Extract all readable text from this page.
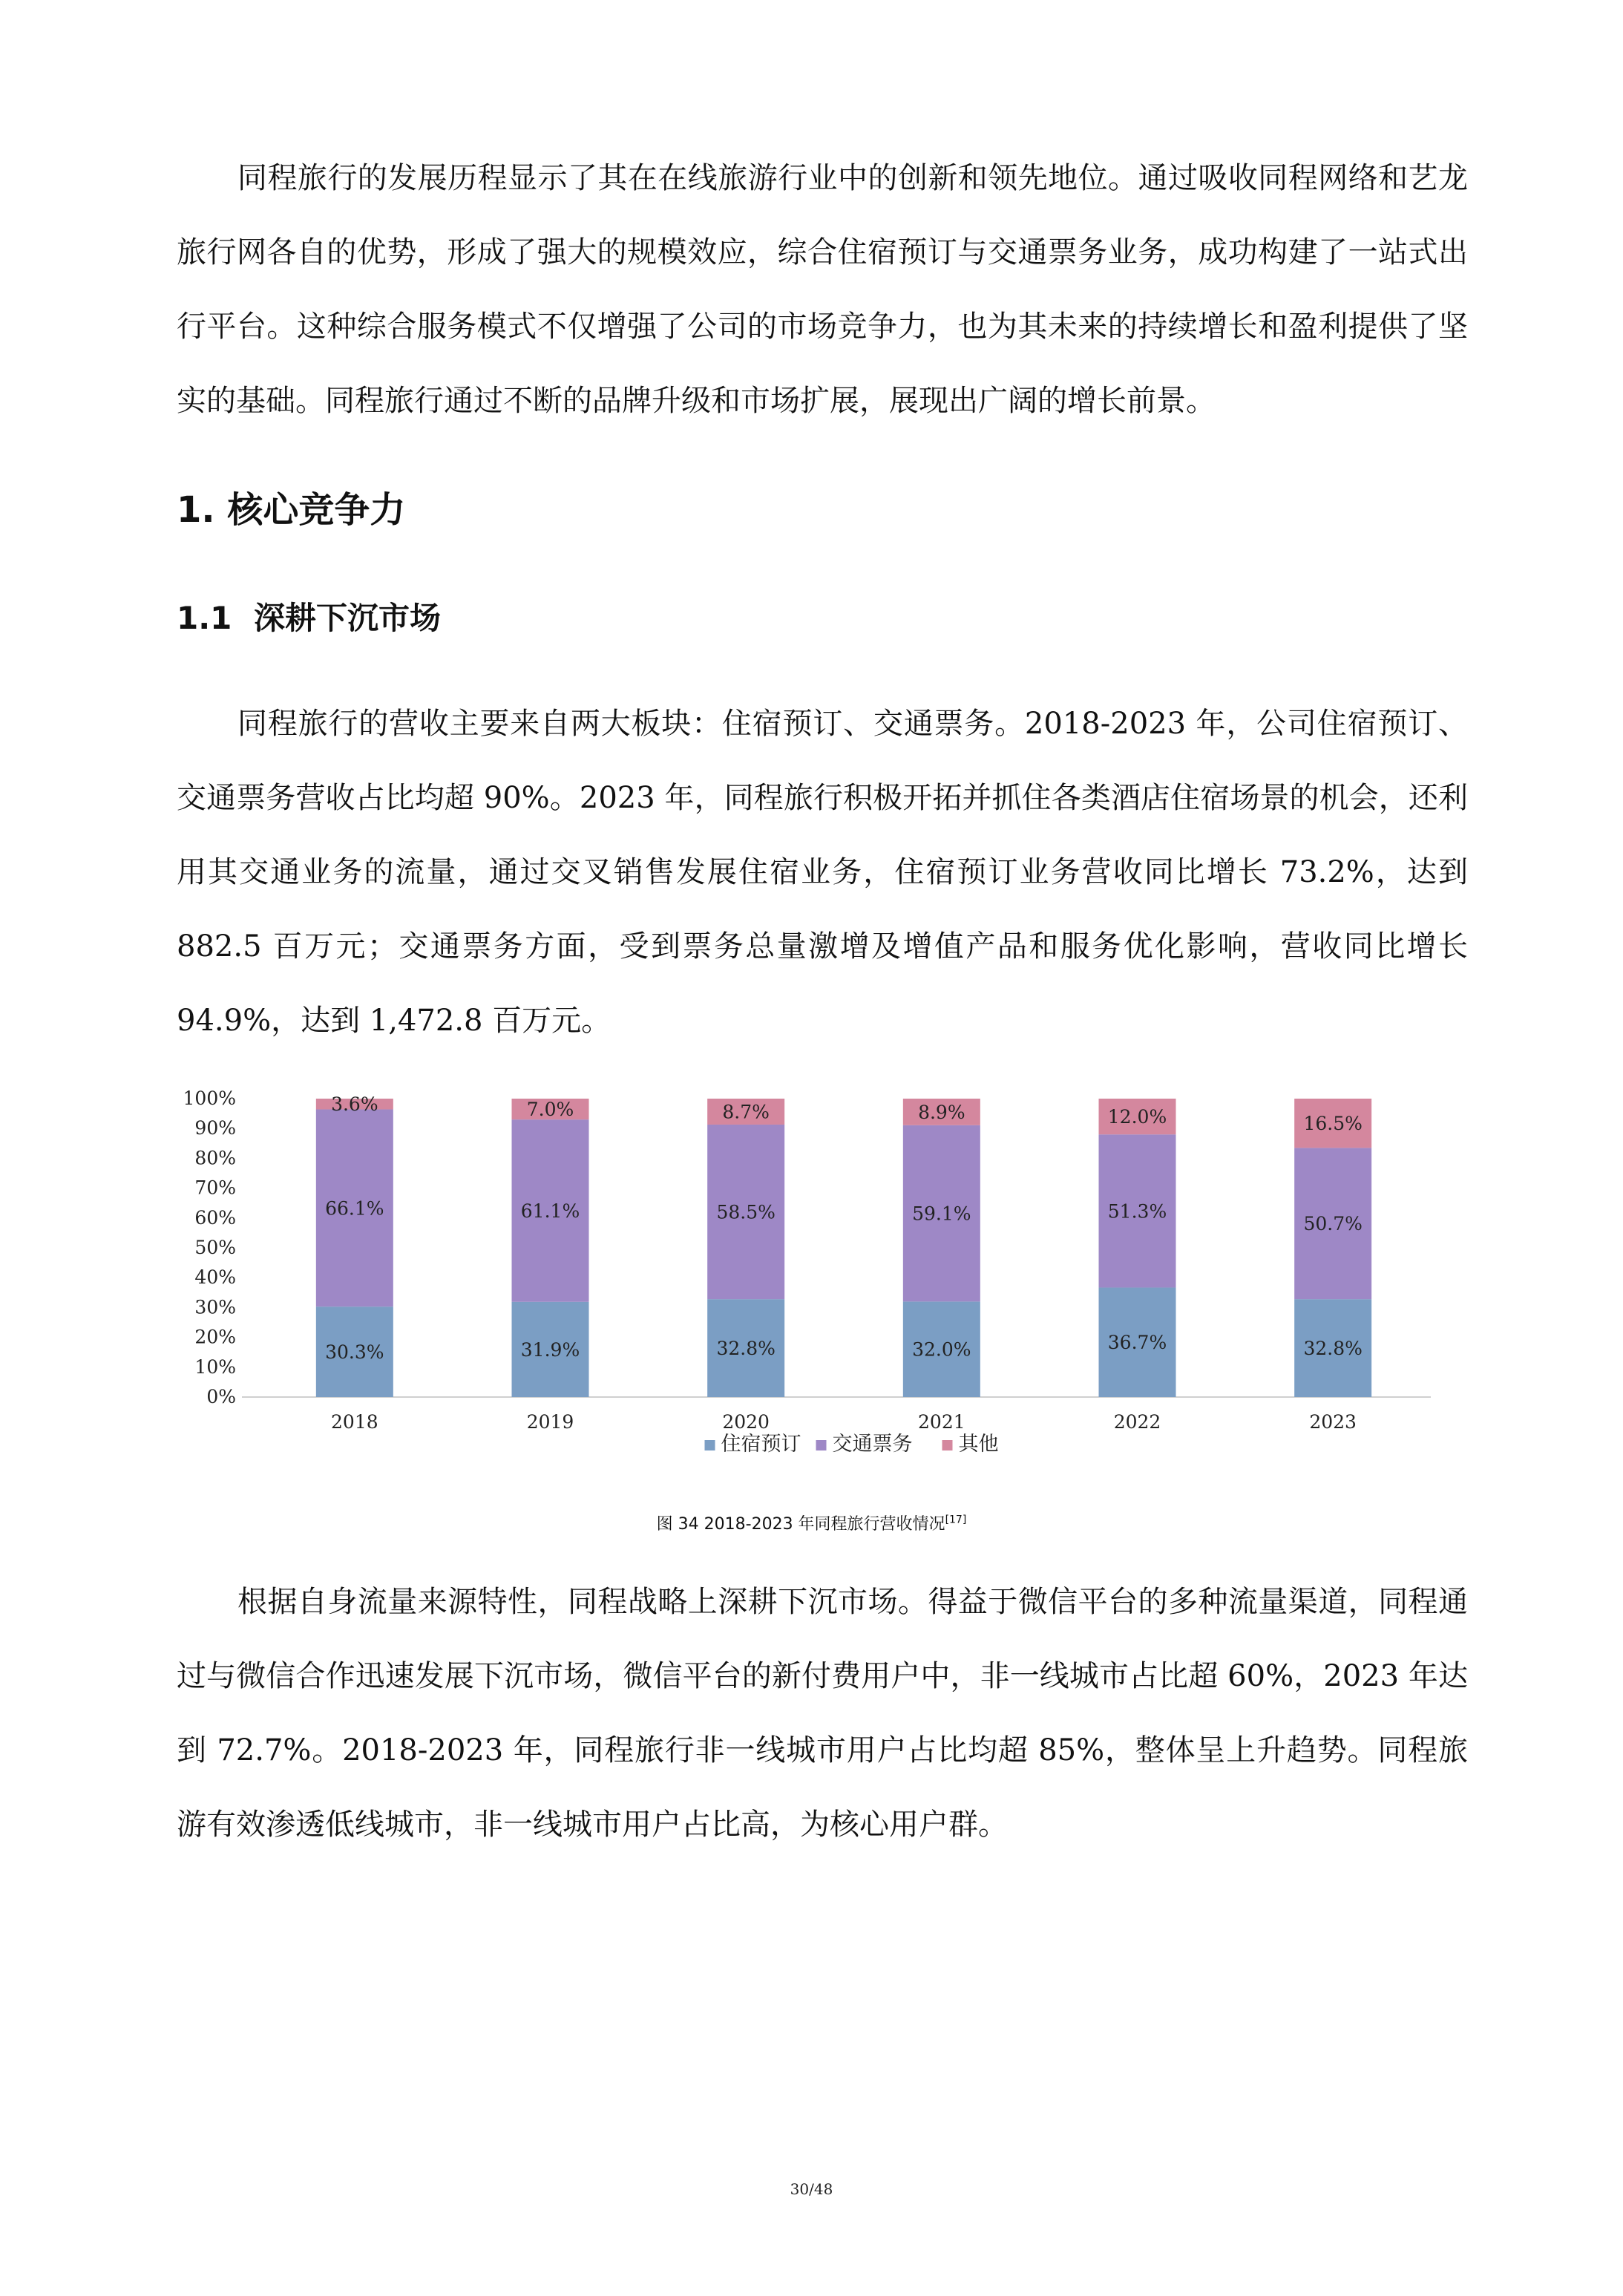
同程旅行的发展历程显示了其在在线旅游行业中的创新和领先地位。通过吸收同程网络和艺龙旅行网各自的优势，形成了强大的规模效应，综合住宿预订与交通票务业务，成功构建了一站式出行平台。这种综合服务模式不仅增强了公司的市场竞争力，也为其未来的持续增长和盈利提供了坚实的基础。同程旅行通过不断的品牌升级和市场扩展，展现出广阔的增长前景。

1. 核心竞争力
1.1 深耕下沉市场

同程旅行的营收主要来自两大板块：住宿预订、交通票务。2018-2023 年，公司住宿预订、交通票务营收占比均超 90%。2023 年，同程旅行积极开拓并抓住各类酒店住宿场景的机会，还利用其交通业务的流量，通过交叉销售发展住宿业务，住宿预订业务营收同比增长 73.2%，达到 882.5 百万元；交通票务方面，受到票务总量激增及增值产品和服务优化影响，营收同比增长 94.9%，达到 1,472.8 百万元。

0%
10%
20%
30%
40%
50%
60%
70%
80%
90%
100%
30.3%
66.1%
3.6%
2018
31.9%
61.1%
7.0%
2019
32.8%
58.5%
8.7%
2020
32.0%
59.1%
8.9%
2021
36.7%
51.3%
12.0%
2022
32.8%
50.7%
16.5%
2023
住宿预订 交通票务 其他
图 34 2018-2023 年同程旅行营收情况[17]

根据自身流量来源特性，同程战略上深耕下沉市场。得益于微信平台的多种流量渠道，同程通过与微信合作迅速发展下沉市场，微信平台的新付费用户中，非一线城市占比超 60%，2023 年达到 72.7%。2018-2023 年，同程旅行非一线城市用户占比均超 85%，整体呈上升趋势。同程旅游有效渗透低线城市，非一线城市用户占比高，为核心用户群。

30/48
